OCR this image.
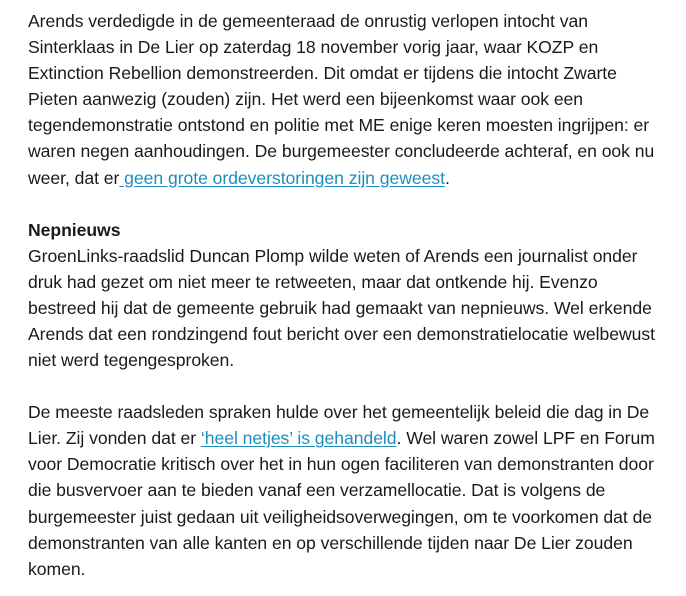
Arends verdedigde in de gemeenteraad de onrustig verlopen intocht van Sinterklaas in De Lier op zaterdag 18 november vorig jaar, waar KOZP en Extinction Rebellion demonstreerden. Dit omdat er tijdens die intocht Zwarte Pieten aanwezig (zouden) zijn. Het werd een bijeenkomst waar ook een tegendemonstratie ontstond en politie met ME enige keren moesten ingrijpen: er waren negen aanhoudingen. De burgemeester concludeerde achteraf, en ook nu weer, dat er geen grote ordeverstoringen zijn geweest.

Nepnieuws

GroenLinks-raadslid Duncan Plomp wilde weten of Arends een journalist onder druk had gezet om niet meer te retweeten, maar dat ontkende hij. Evenzo bestreed hij dat de gemeente gebruik had gemaakt van nepnieuws. Wel erkende Arends dat een rondzingend fout bericht over een demonstratielocatie welbewust niet werd tegengesproken.

De meeste raadsleden spraken hulde over het gemeentelijk beleid die dag in De Lier. Zij vonden dat er ‘heel netjes’ is gehandeld. Wel waren zowel LPF en Forum voor Democratie kritisch over het in hun ogen faciliteren van demonstranten door die busvervoer aan te bieden vanaf een verzamellocatie. Dat is volgens de burgemeester juist gedaan uit veiligheidsoverwegingen, om te voorkomen dat de demonstranten van alle kanten en op verschillende tijden naar De Lier zouden komen.
